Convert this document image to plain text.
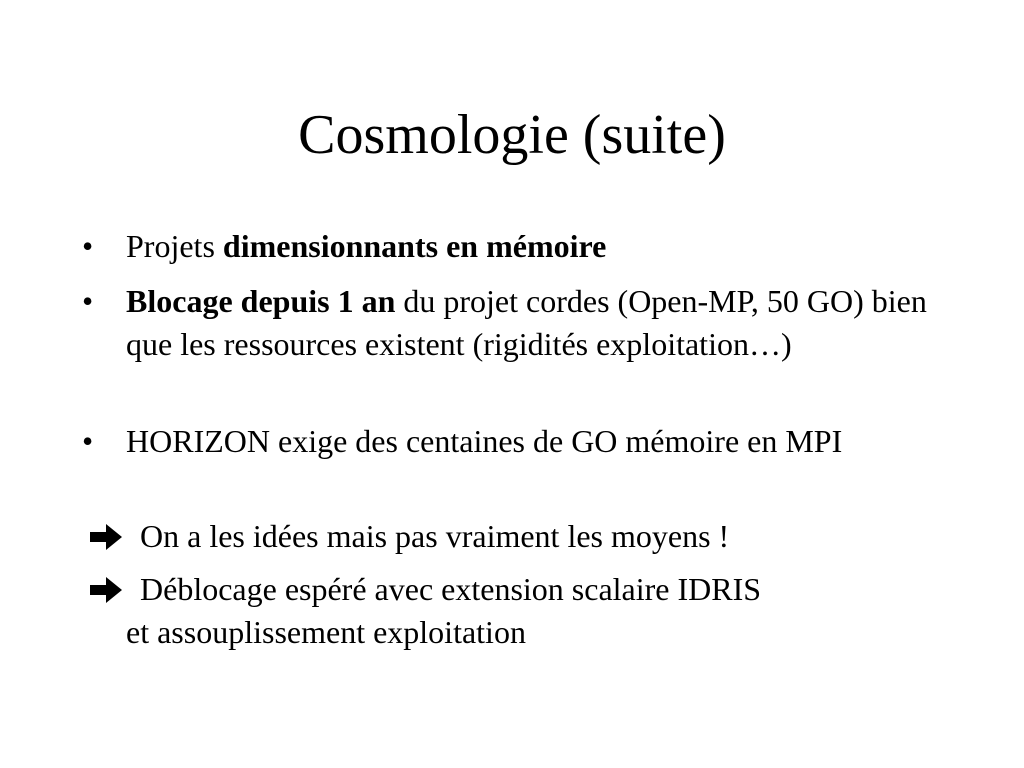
Cosmologie (suite)
• Projets dimensionnants en mémoire
• Blocage depuis 1 an du projet cordes (Open-MP, 50 GO) bien que les ressources existent (rigidités exploitation…)
• HORIZON exige des centaines de GO mémoire en MPI
On a les idées mais pas vraiment les moyens !
Déblocage espéré avec extension scalaire IDRIS
et assouplissement exploitation
